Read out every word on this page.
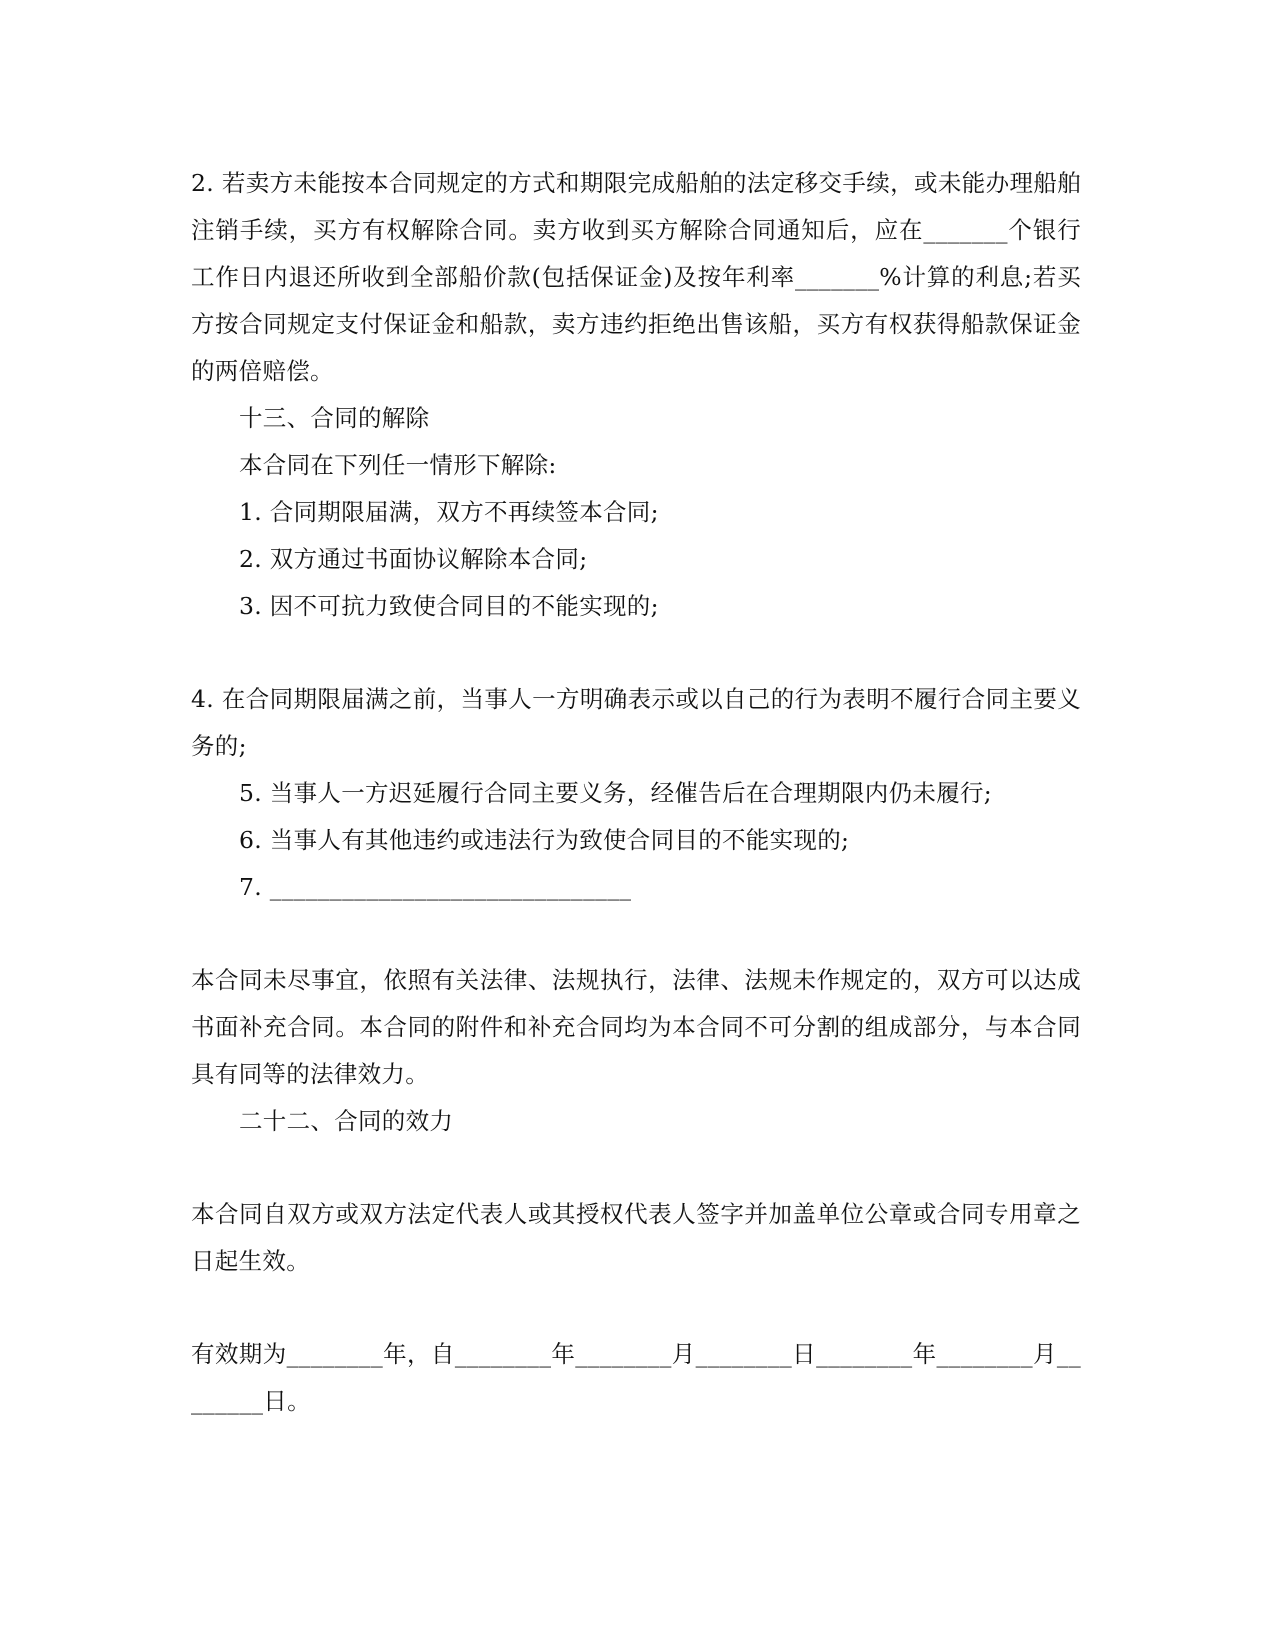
2. 若卖方未能按本合同规定的方式和期限完成船舶的法定移交手续，或未能办理船舶注销手续，买方有权解除合同。卖方收到买方解除合同通知后，应在_______个银行工作日内退还所收到全部船价款(包括保证金)及按年利率_______%计算的利息;若买方按合同规定支付保证金和船款，卖方违约拒绝出售该船，买方有权获得船款保证金的两倍赔偿。

十三、合同的解除

本合同在下列任一情形下解除:

1. 合同期限届满，双方不再续签本合同;

2. 双方通过书面协议解除本合同;

3. 因不可抗力致使合同目的不能实现的;

4. 在合同期限届满之前，当事人一方明确表示或以自己的行为表明不履行合同主要义务的;

5. 当事人一方迟延履行合同主要义务，经催告后在合理期限内仍未履行;

6. 当事人有其他违约或违法行为致使合同目的不能实现的;

7. ______________________________

本合同未尽事宜，依照有关法律、法规执行，法律、法规未作规定的，双方可以达成书面补充合同。本合同的附件和补充合同均为本合同不可分割的组成部分，与本合同具有同等的法律效力。

二十二、合同的效力

本合同自双方或双方法定代表人或其授权代表人签字并加盖单位公章或合同专用章之日起生效。

有效期为________年，自________年________月________日________年________月________日。
